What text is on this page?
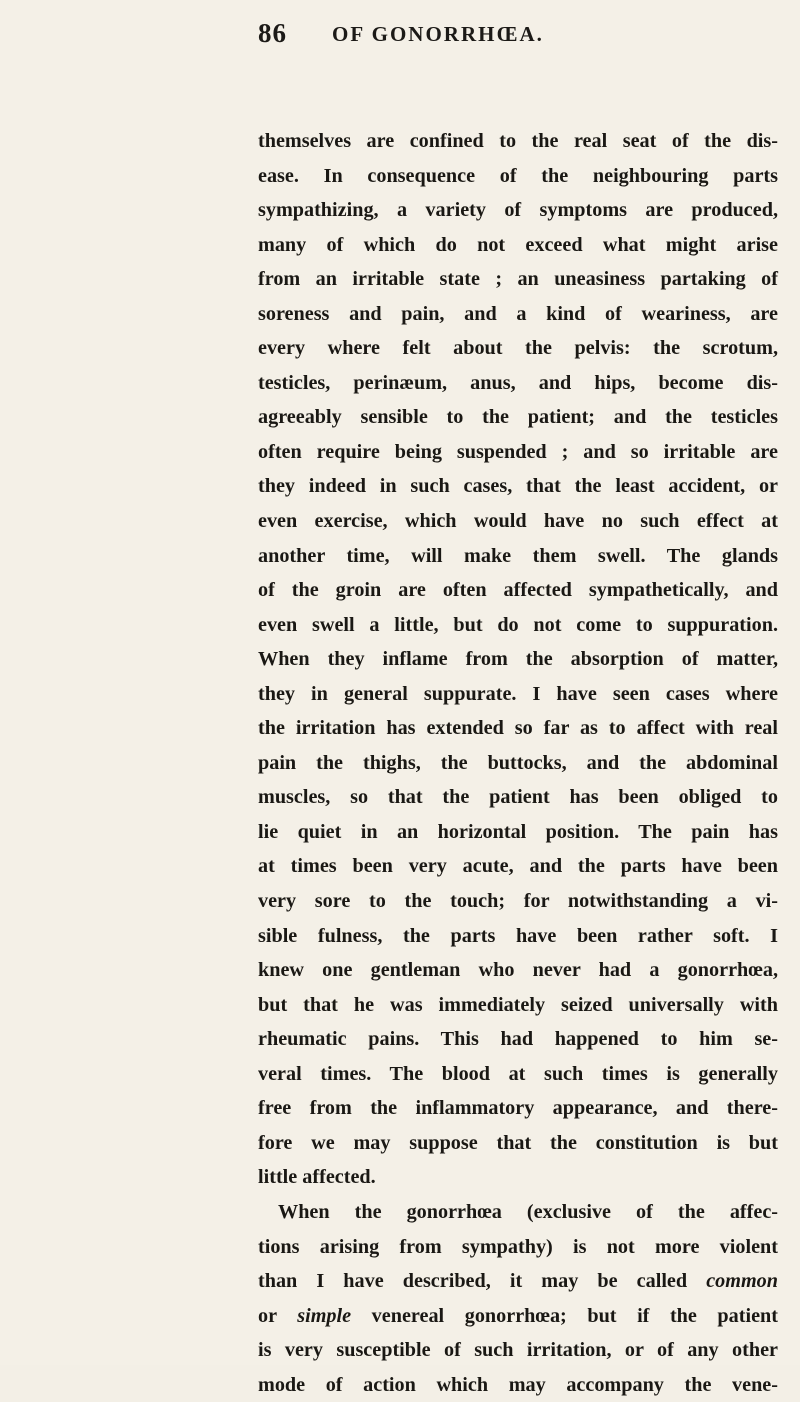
86 OF GONORRHŒA.
themselves are confined to the real seat of the dis-
ease. In consequence of the neighbouring parts
sympathizing, a variety of symptoms are produced,
many of which do not exceed what might arise
from an irritable state ; an uneasiness partaking of
soreness and pain, and a kind of weariness, are
every where felt about the pelvis: the scrotum,
testicles, perinæum, anus, and hips, become dis-
agreeably sensible to the patient; and the testicles
often require being suspended ; and so irritable are
they indeed in such cases, that the least accident, or
even exercise, which would have no such effect at
another time, will make them swell. The glands
of the groin are often affected sympathetically, and
even swell a little, but do not come to suppuration.
When they inflame from the absorption of matter,
they in general suppurate. I have seen cases where
the irritation has extended so far as to affect with real
pain the thighs, the buttocks, and the abdominal
muscles, so that the patient has been obliged to
lie quiet in an horizontal position. The pain has
at times been very acute, and the parts have been
very sore to the touch; for notwithstanding a vi-
sible fulness, the parts have been rather soft. I
knew one gentleman who never had a gonorrhœa,
but that he was immediately seized universally with
rheumatic pains. This had happened to him se-
veral times. The blood at such times is generally
free from the inflammatory appearance, and there-
fore we may suppose that the constitution is but
little affected.
When the gonorrhœa (exclusive of the affec-
tions arising from sympathy) is not more violent
than I have described, it may be called common
or simple venereal gonorrhœa; but if the patient
is very susceptible of such irritation, or of any other
mode of action which may accompany the vene-
